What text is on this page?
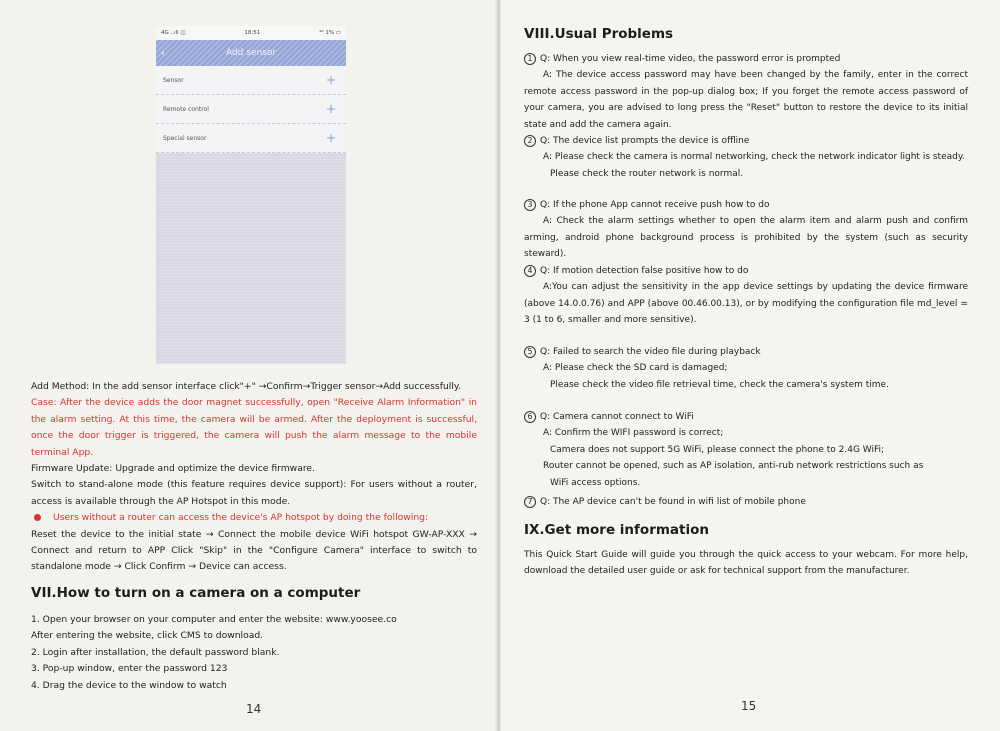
4G ..ıll ◫	18:51	⁴⁶ 1% ▭
‹	Add sensor
Sensor	+
Remote control	+
Special sensor	+

Add Method: In the add sensor interface click"+" →Confirm→Trigger sensor→Add successfully.

Case: After the device adds the door magnet successfully, open "Receive Alarm Information" in the alarm setting. At this time, the camera will be armed. After the deployment is successful, once the door trigger is triggered, the camera will push the alarm message to the mobile terminal App.

Firmware Update: Upgrade and optimize the device firmware.

Switch to stand-alone mode (this feature requires device support): For users without a router, access is available through the AP Hotspot in this mode.

Users without a router can access the device's AP hotspot by doing the following:

Reset the device to the initial state → Connect the mobile device WiFi hotspot GW-AP-XXX → Connect and return to APP Click "Skip" in the "Configure Camera" interface to switch to standalone mode → Click Confirm → Device can access.

VII.How to turn on a camera on a computer

1. Open your browser on your computer and enter the website: www.yoosee.co

After entering the website, click CMS to download.

2. Login after installation, the default password blank.

3. Pop-up window, enter the password 123

4. Drag the device to the window to watch

14
VIII.Usual Problems

1 Q: When you view real-time video, the password error is prompted

A: The device access password may have been changed by the family, enter in the correct remote access password in the pop-up dialog box; If you forget the remote access password of your camera, you are advised to long press the "Reset" button to restore the device to its initial state and add the camera again.

2 Q: The device list prompts the device is offline

A: Please check the camera is normal networking, check the network indicator light is steady.

Please check the router network is normal.

3 Q: If the phone App cannot receive push how to do

A: Check the alarm settings whether to open the alarm item and alarm push and confirm arming, android phone background process is prohibited by the system (such as security steward).

4 Q: If motion detection false positive how to do

A:You can adjust the sensitivity in the app device settings by updating the device firmware (above 14.0.0.76) and APP (above 00.46.00.13), or by modifying the configuration file md_level = 3 (1 to 6, smaller and more sensitive).

5 Q: Failed to search the video file during playback

A: Please check the SD card is damaged;

Please check the video file retrieval time, check the camera's system time.

6 Q: Camera cannot connect to WiFi

A: Confirm the WIFI password is correct;

Camera does not support 5G WiFi, please connect the phone to 2.4G WiFi;

Router cannot be opened, such as AP isolation, anti-rub network restrictions such as

WiFi access options.

7 Q: The AP device can't be found in wifi list of mobile phone

IX.Get more information

This Quick Start Guide will guide you through the quick access to your webcam. For more help, download the detailed user guide or ask for technical support from the manufacturer.

15
